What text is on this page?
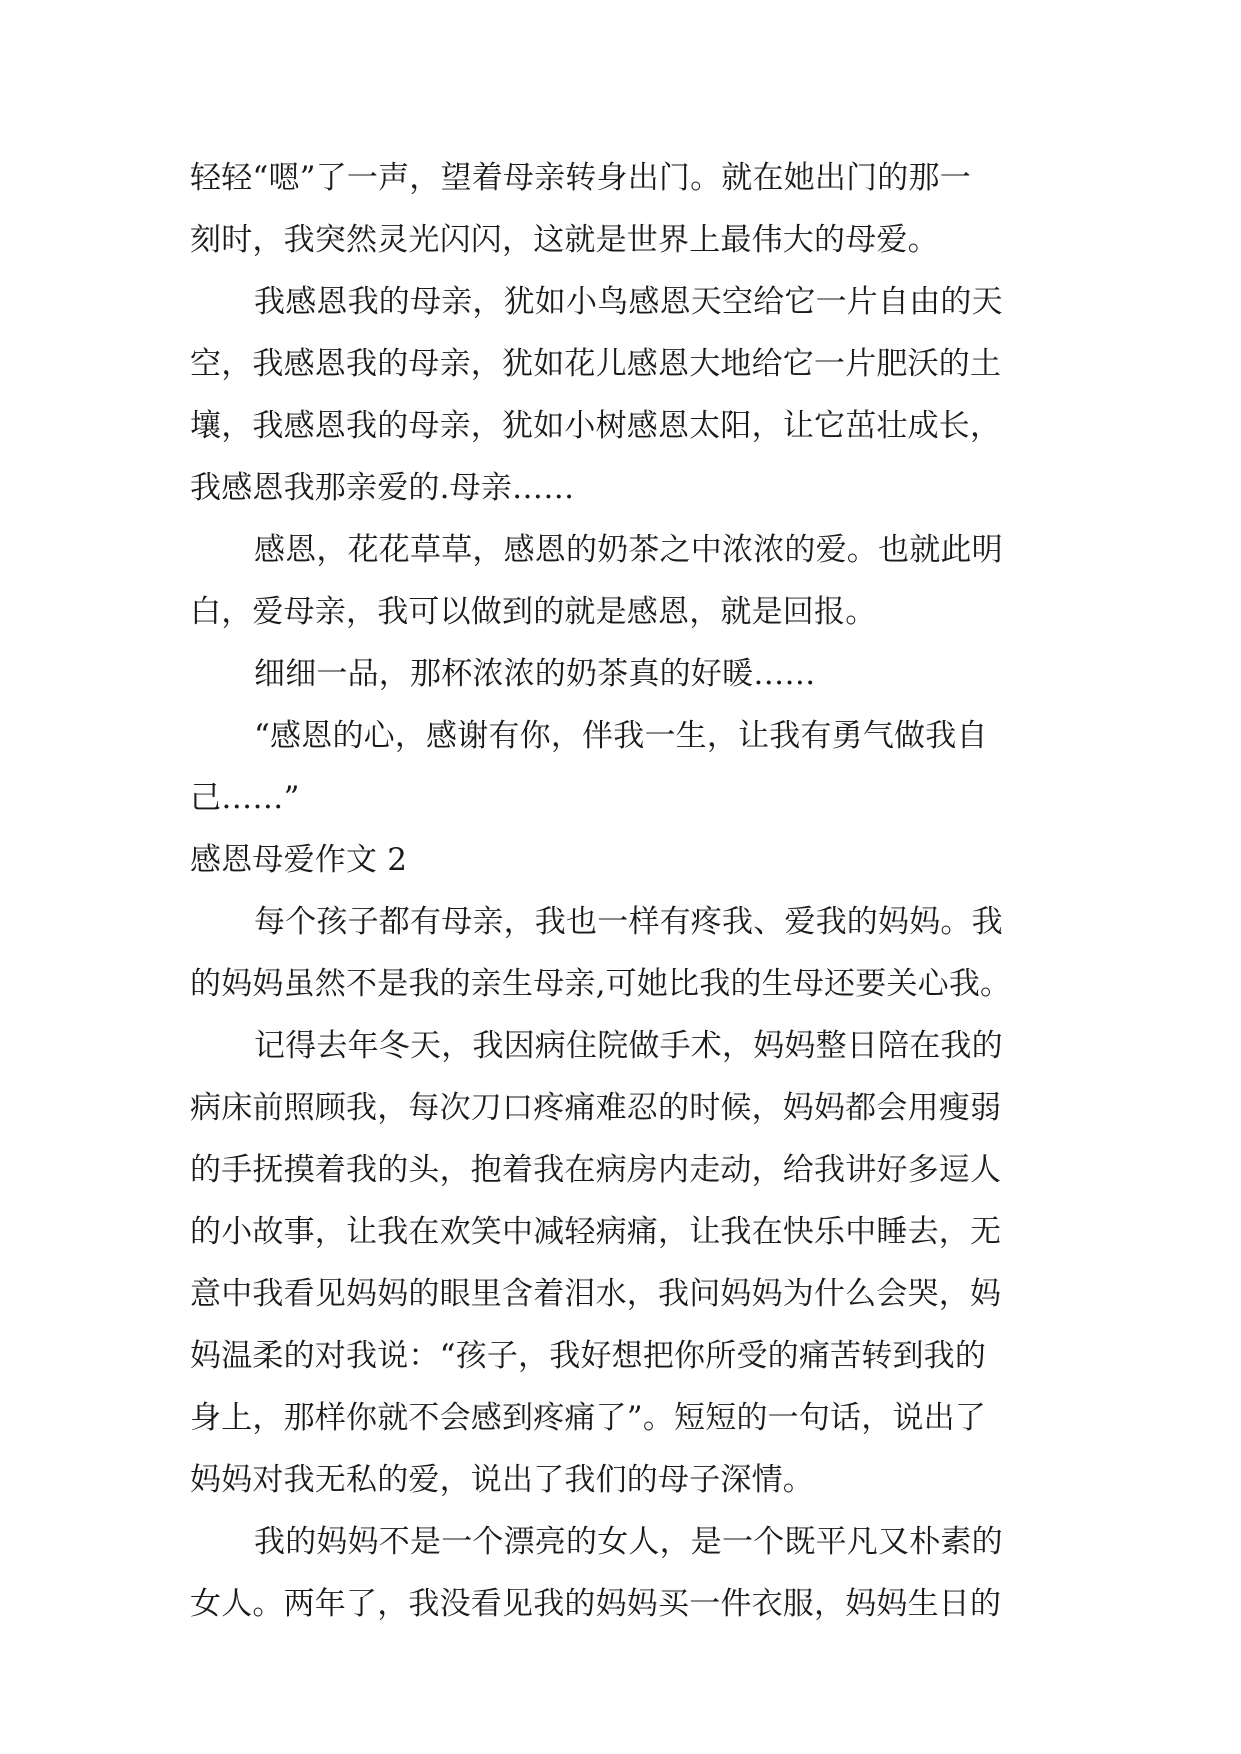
轻轻“嗯”了一声，望着母亲转身出门。就在她出门的那一
刻时，我突然灵光闪闪，这就是世界上最伟大的母爱。
我感恩我的母亲，犹如小鸟感恩天空给它一片自由的天
空，我感恩我的母亲，犹如花儿感恩大地给它一片肥沃的土
壤，我感恩我的母亲，犹如小树感恩太阳，让它茁壮成长，
我感恩我那亲爱的.母亲……
感恩，花花草草，感恩的奶茶之中浓浓的爱。也就此明
白，爱母亲，我可以做到的就是感恩，就是回报。
细细一品，那杯浓浓的奶茶真的好暖……
“感恩的心，感谢有你，伴我一生，让我有勇气做我自
己……”
感恩母爱作文 2
每个孩子都有母亲，我也一样有疼我、爱我的妈妈。我
的妈妈虽然不是我的亲生母亲,可她比我的生母还要关心我。
记得去年冬天，我因病住院做手术，妈妈整日陪在我的
病床前照顾我，每次刀口疼痛难忍的时候，妈妈都会用瘦弱
的手抚摸着我的头，抱着我在病房内走动，给我讲好多逗人
的小故事，让我在欢笑中减轻病痛，让我在快乐中睡去，无
意中我看见妈妈的眼里含着泪水，我问妈妈为什么会哭，妈
妈温柔的对我说：“孩子，我好想把你所受的痛苦转到我的
身上，那样你就不会感到疼痛了”。短短的一句话，说出了
妈妈对我无私的爱，说出了我们的母子深情。
我的妈妈不是一个漂亮的女人，是一个既平凡又朴素的
女人。两年了，我没看见我的妈妈买一件衣服，妈妈生日的
